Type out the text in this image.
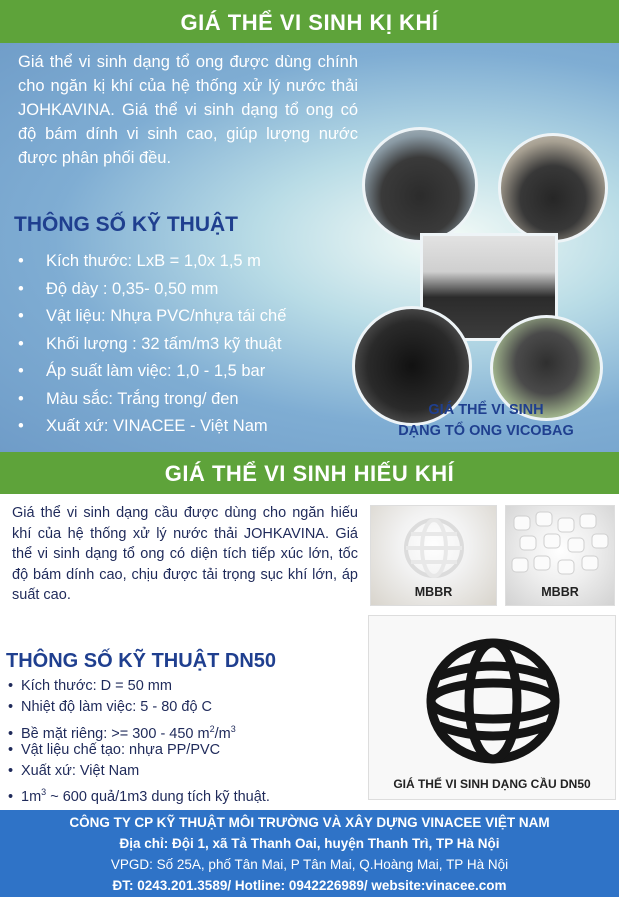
GIÁ THỂ VI SINH KỊ KHÍ

Giá thể vi sinh dạng tổ ong được dùng chính cho ngăn kị khí của hệ thống xử lý nước thải JOHKAVINA. Giá thể vi sinh dạng tổ ong có độ bám dính vi sinh cao, giúp lượng nước được phân phối đều.

THÔNG SỐ KỸ THUẬT
• Kích thước: LxB = 1,0x 1,5 m
• Độ dày : 0,35- 0,50 mm
• Vật liệu: Nhựa PVC/nhựa tái chế
• Khối lượng : 32 tấm/m3 kỹ thuật
• Áp suất làm việc: 1,0 - 1,5 bar
• Màu sắc: Trắng trong/ đen
• Xuất xứ: VINACEE - Việt Nam
GIÁ THỂ VI SINH
DẠNG TỔ ONG VICOBAG
GIÁ THỂ VI SINH HIẾU KHÍ

Giá thể vi sinh dạng cầu được dùng cho ngăn hiếu khí của hệ thống xử lý nước thải JOHKAVINA. Giá thể vi sinh dạng tổ ong có diện tích tiếp xúc lớn, tốc độ bám dính cao, chịu được tải trọng sục khí lớn, áp suất cao.

THÔNG SỐ KỸ THUẬT DN50
• Kích thước: D = 50 mm
• Nhiệt độ làm việc: 5 - 80 độ C
• Bề mặt riêng: >= 300 - 450 $m^2/m^3$
• Vật liệu chế tạo: nhựa PP/PVC
• Xuất xứ: Việt Nam
• $1m^3$ ~ 600 quả/1m3 dung tích kỹ thuật.
MBBR	MBBR
GIÁ THỂ VI SINH DẠNG CẦU DN50
CÔNG TY CP KỸ THUẬT MÔI TRƯỜNG VÀ XÂY DỰNG VINACEE VIỆT NAM
Địa chỉ: Đội 1, xã Tả Thanh Oai, huyện Thanh Trì, TP Hà Nội
VPGD: Số 25A, phố Tân Mai, P Tân Mai, Q.Hoàng Mai, TP Hà Nội
ĐT: 0243.201.3589/ Hotline: 0942226989/ website:vinacee.com
